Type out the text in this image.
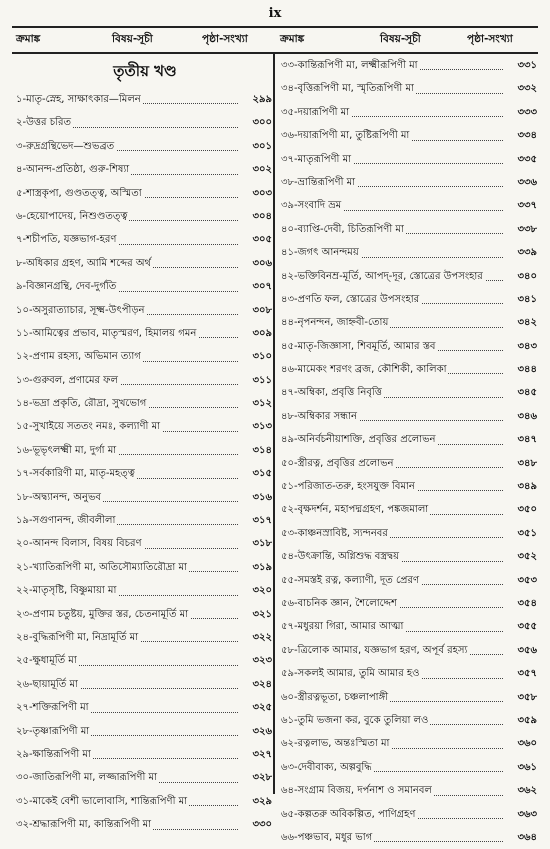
ix
ক্রমাঙ্ক	বিষয়-সূচী	পৃষ্ঠা-সংখ্যা	ক্রমাঙ্ক	বিষয়-সূচী	পৃষ্ঠা-সংখ্যা
তৃতীয় খণ্ড
১-মাতৃ-স্নেহ, সাক্ষাৎকার—মিলন	২৯৯
২-উত্তর চরিত	৩০০
৩-রুদ্রগ্রন্থিভেদ—শুভব্রত	৩০১
৪-আনন্দ-প্রতিষ্ঠা, গুরু-শিষ্যা	৩০২
৫-শাস্ত্রকৃপা, গুণ্ডতত্ত্ব, অস্মিতা	৩০৩
৬-হেয়োপাদেয়, নিশুণ্ডতত্ত্ব	৩০৪
৭-শচীপতি, যজ্ঞভাগ-হরণ	৩০৫
৮-অধিকার গ্রহণ, আমি শব্দের অর্থ	৩০৬
৯-বিজ্ঞানগ্রন্থি, দেব-দুর্গতি	৩০৭
১০-অসুরাত্যাচার, সূক্ষ্ম-উৎপীড়ন	৩০৮
১১-আমিত্বের প্রভাব, মাতৃস্মরণ, হিমালয় গমন	৩০৯
১২-প্রণাম রহস্য, অভিমান ত্যাগ	৩১০
১৩-গুরুবল, প্রণামের ফল	৩১১
১৪-ভদ্রা প্রকৃতি, রৌদ্রা, সুখভোগ	৩১২
১৫-সুখাইয়ে সততং নমঃ, কল্যাণী মা	৩১৩
১৬-ভূভৃৎলক্ষ্মী মা, দুর্গা মা	৩১৪
১৭-সর্বকারিণী মা, মাতৃ-মহত্ত্ব	৩১৫
১৮-অদ্ব্যানন্দ, অনুভব	৩১৬
১৯-সগুণানন্দ, জীবলীলা	৩১৭
২০-আনন্দ বিলাস, বিষয় বিচরণ	৩১৮
২১-খ্যাতিরূপিণী মা, অতিসৌম্যাতিরৌদ্রা মা	৩১৯
২২-মাতৃসৃষ্টি, বিষ্ণুমায়া মা	৩২০
২৩-প্রণাম চতুষ্টয়, মুক্তির স্তর, চেতনামূর্তি মা	৩২১
২৪-বুদ্ধিরূপিণী মা, নিদ্রামূর্তি মা	৩২২
২৫-ক্ষুধামূর্তি মা	৩২৩
২৬-ছায়ামূর্তি মা	৩২৪
২৭-শক্তিরূপিণী মা	৩২৫
২৮-তৃষ্ণারূপিণী মা	৩২৬
২৯-ক্ষান্তিরূপিণী মা	৩২৭
৩০-জাতিরূপিণী মা, লজ্জারূপিণী মা	৩২৮
৩১-মাকেই বেশী ভালোবাসি, শান্তিরূপিণী মা	৩২৯
৩২-শ্রদ্ধারূপিণী মা, কান্তিরূপিণী মা	৩৩০
৩৩-কান্তিরূপিণী মা, লক্ষ্মীরূপিণী মা	৩৩১
৩৪-বৃত্তিরূপিণী মা, স্মৃতিরূপিণী মা	৩৩২
৩৫-দয়ারূপিণী মা	৩৩৩
৩৬-দয়ারূপিণী মা, তুষ্টিরূপিণী মা	৩৩৪
৩৭-মাতৃরূপিণী মা	৩৩৫
৩৮-ভ্রান্তিরূপিণী মা	৩৩৬
৩৯-সংবাদি ভ্রম	৩৩৭
৪০-ব্যাপ্তি-দেবী, চিতিরূপিণী মা	৩৩৮
৪১-জগৎ আনন্দময়	৩৩৯
৪২-ভক্তিবিনম্র-মূর্তি, আপদ্-দূর, স্তোত্রের উপসংহার	৩৪০
৪৩-প্রণতি ফল, স্তোত্রের উপসংহার	৩৪১
৪৪-নৃপনন্দন, জাহ্নবী-তোয়	৩৪২
৪৫-মাতৃ-জিজ্ঞাসা, শিবমূর্তি, আমার স্তব	৩৪৩
৪৬-মামেকং শরণং ব্রজ, কৌশিকী, কালিকা	৩৪৪
৪৭-অম্বিকা, প্রবৃত্তি নিবৃত্তি	৩৪৫
৪৮-অম্বিকার সন্ধান	৩৪৬
৪৯-অনির্বচনীয়াশক্তি, প্রবৃত্তির প্রলোভন	৩৪৭
৫০-স্ত্রীরত্ন, প্রবৃত্তির প্রলোভন	৩৪৮
৫১-পরিজাত-তরু, হংসযুক্ত বিমান	৩৪৯
৫২-বৃক্ষদর্শন, মহাপদ্মগ্রহণ, পঙ্কজমালা	৩৫০
৫৩-কাঞ্চনস্রাবিষ্ট, স্যন্দনবর	৩৫১
৫৪-উৎক্রান্তি, অগ্নিশুদ্ধ বস্ত্রদ্বয়	৩৫২
৫৫-সমস্তই রত্ন, কল্যাণী, দূত প্রেরণ	৩৫৩
৫৬-বাচনিক জ্ঞান, শৈলোদ্দেশ	৩৫৪
৫৭-মধুরয়া গিরা, আমার আত্মা	৩৫৫
৫৮-ত্রিলোক আমার, যজ্ঞভাগ হরণ, অপূর্ব রহস্য	৩৫৬
৫৯-সকলই আমার, তুমি আমার হও	৩৫৭
৬০-স্ত্রীরত্নভূতা, চঞ্চলাপাঙ্গী	৩৫৮
৬১-তুমি ভজনা কর, বুকে তুলিয়া লও	৩৫৯
৬২-রত্নলাভ, অন্তঃস্মিতা মা	৩৬০
৬৩-দেবীবাক্য, অল্পবুদ্ধি	৩৬১
৬৪-সংগ্রাম বিজয়, দর্পনাশ ও সমানবল	৩৬২
৬৫-কল্পতরু অবিকল্পিত, পাণিগ্রহণ	৩৬৩
৬৬-পঞ্চভাব, মধুর ভাগ	৩৬৪
